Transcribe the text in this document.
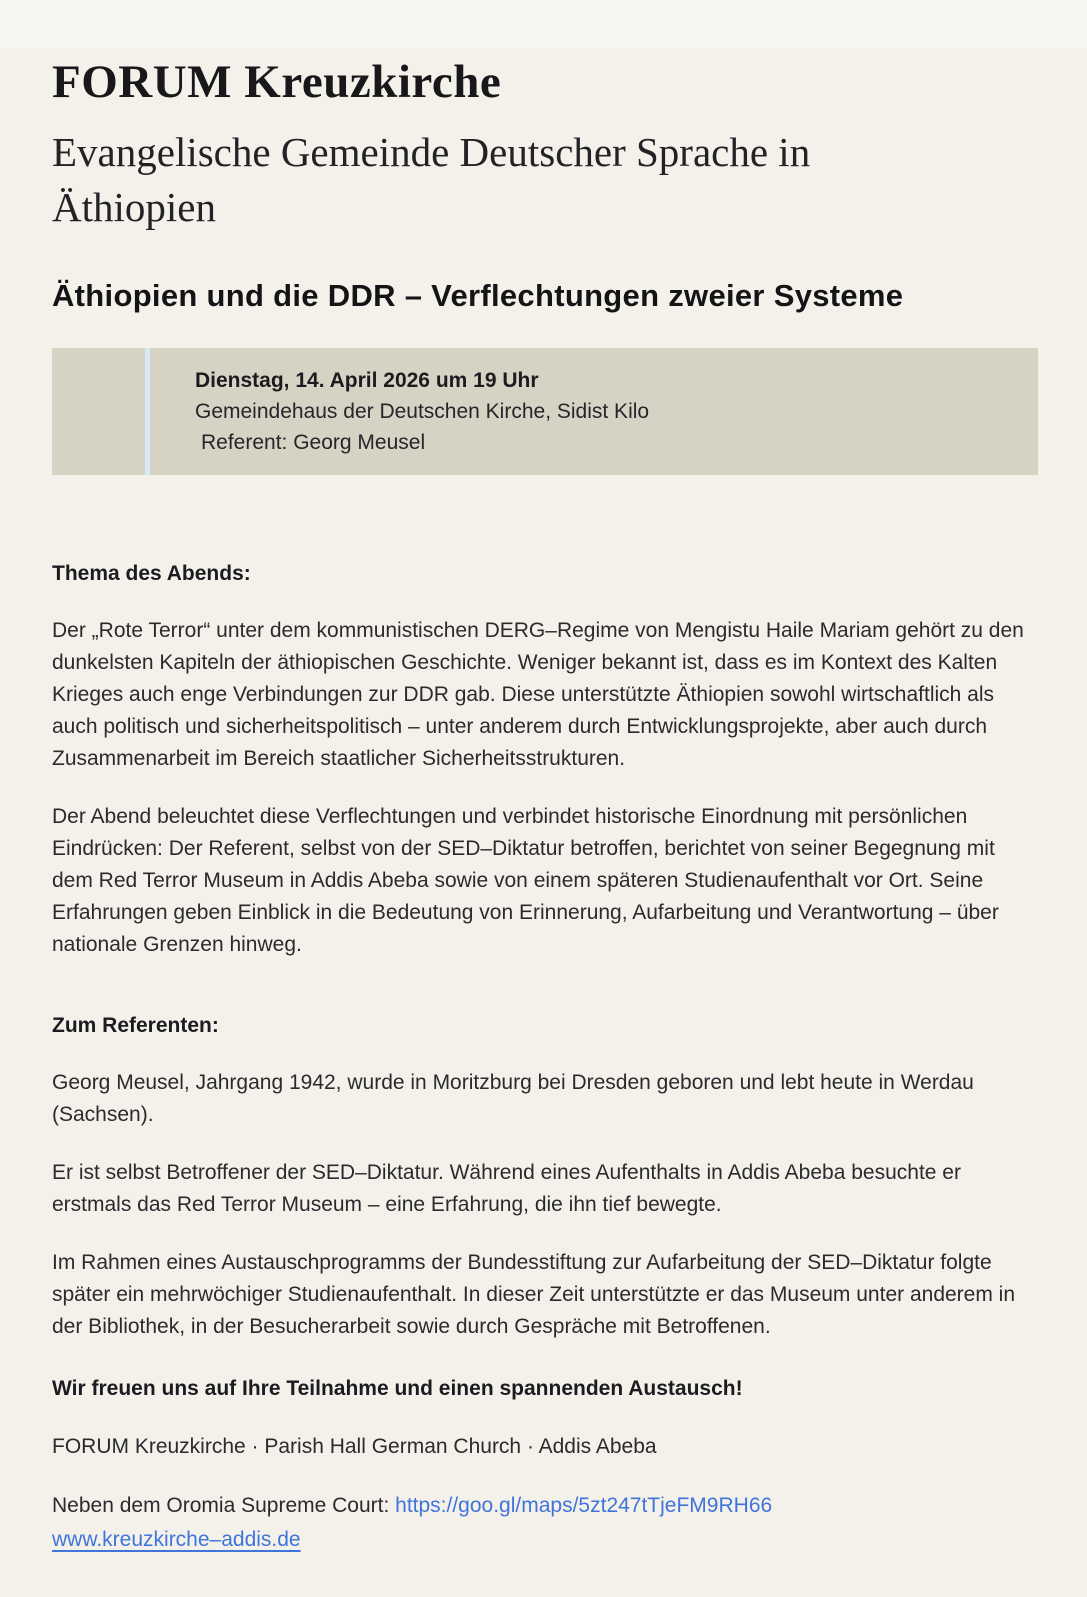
FORUM Kreuzkirche
Evangelische Gemeinde Deutscher Sprache in Äthiopien
Äthiopien und die DDR – Verflechtungen zweier Systeme
Dienstag, 14. April 2026 um 19 Uhr
Gemeindehaus der Deutschen Kirche, Sidist Kilo
Referent: Georg Meusel
Thema des Abends:

Der „Rote Terror“ unter dem kommunistischen DERG–Regime von Mengistu Haile Mariam gehört zu den dunkelsten Kapiteln der äthiopischen Geschichte. Weniger bekannt ist, dass es im Kontext des Kalten Krieges auch enge Verbindungen zur DDR gab. Diese unterstützte Äthiopien sowohl wirtschaftlich als auch politisch und sicherheitspolitisch – unter anderem durch Entwicklungsprojekte, aber auch durch Zusammenarbeit im Bereich staatlicher Sicherheitsstrukturen.

Der Abend beleuchtet diese Verflechtungen und verbindet historische Einordnung mit persönlichen Eindrücken: Der Referent, selbst von der SED–Diktatur betroffen, berichtet von seiner Begegnung mit dem Red Terror Museum in Addis Abeba sowie von einem späteren Studienaufenthalt vor Ort. Seine Erfahrungen geben Einblick in die Bedeutung von Erinnerung, Aufarbeitung und Verantwortung – über nationale Grenzen hinweg.

Zum Referenten:

Georg Meusel, Jahrgang 1942, wurde in Moritzburg bei Dresden geboren und lebt heute in Werdau (Sachsen).

Er ist selbst Betroffener der SED–Diktatur. Während eines Aufenthalts in Addis Abeba besuchte er erstmals das Red Terror Museum – eine Erfahrung, die ihn tief bewegte.

Im Rahmen eines Austauschprogramms der Bundesstiftung zur Aufarbeitung der SED–Diktatur folgte später ein mehrwöchiger Studienaufenthalt. In dieser Zeit unterstützte er das Museum unter anderem in der Bibliothek, in der Besucherarbeit sowie durch Gespräche mit Betroffenen.

Wir freuen uns auf Ihre Teilnahme und einen spannenden Austausch!

FORUM Kreuzkirche · Parish Hall German Church · Addis Abeba

Neben dem Oromia Supreme Court: https://goo.gl/maps/5zt247tTjeFM9RH66
www.kreuzkirche–addis.de
